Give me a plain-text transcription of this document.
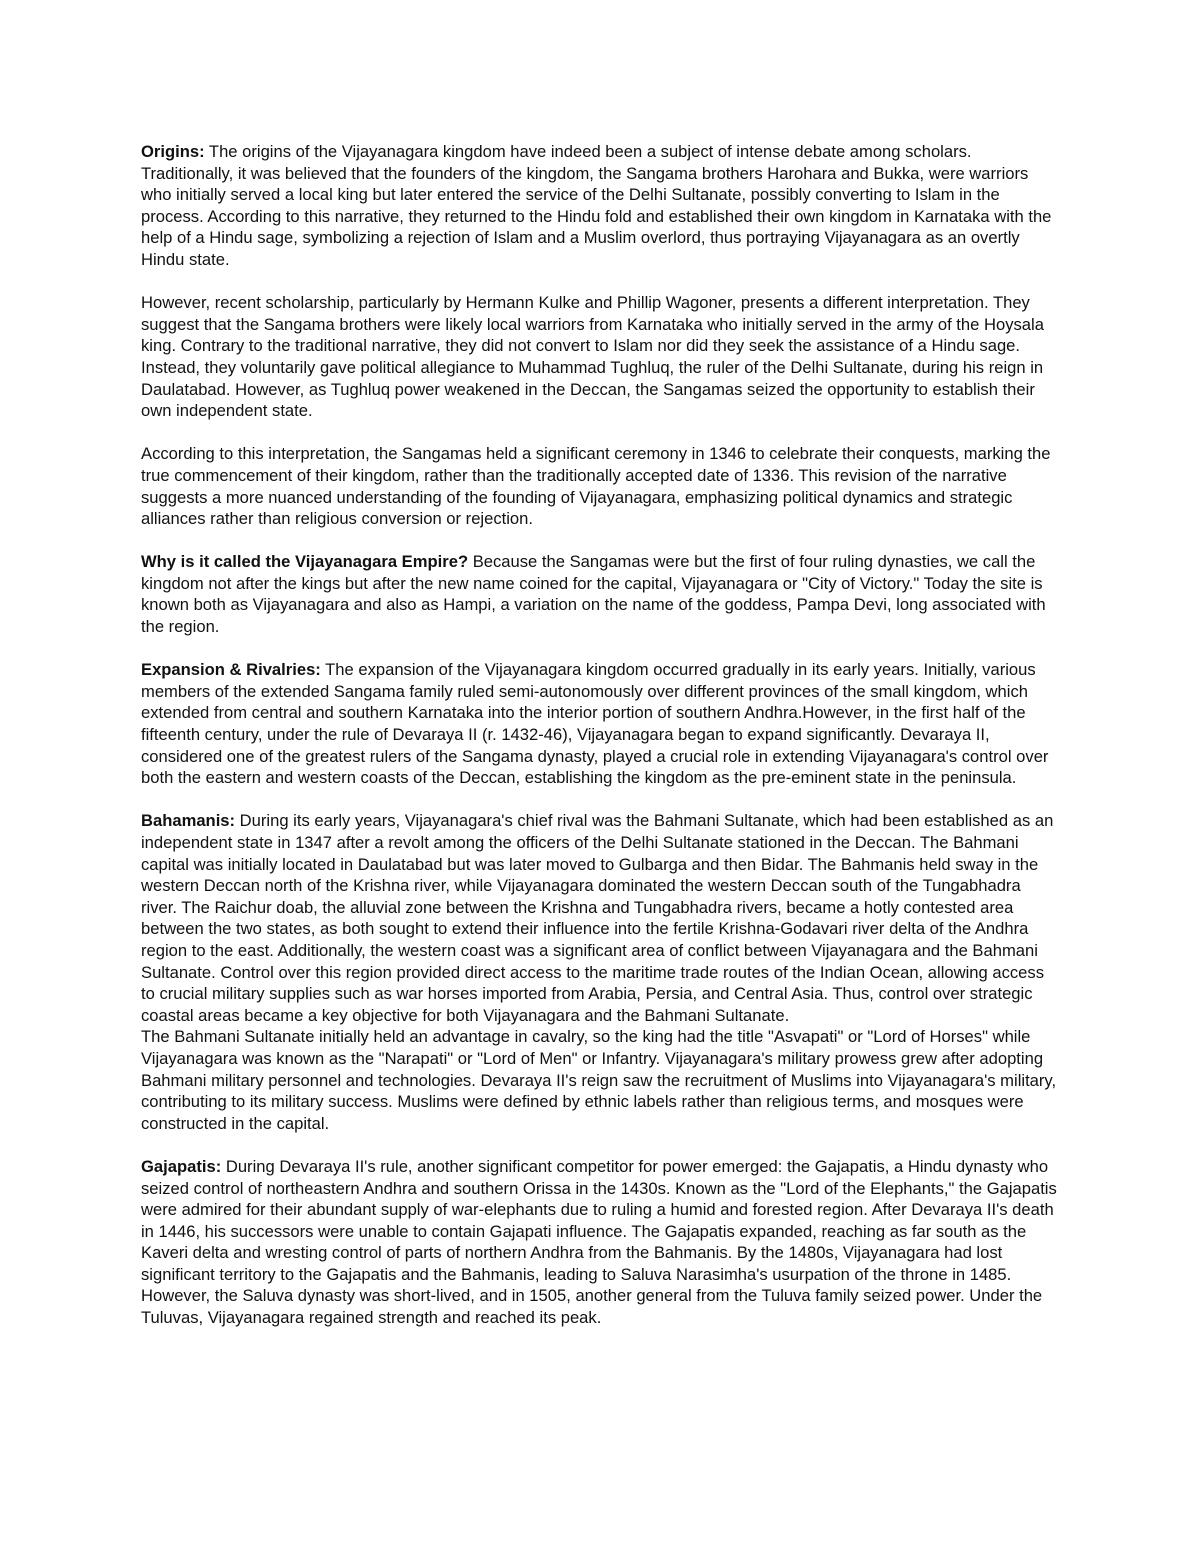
Origins: The origins of the Vijayanagara kingdom have indeed been a subject of intense debate among scholars. Traditionally, it was believed that the founders of the kingdom, the Sangama brothers Harohara and Bukka, were warriors who initially served a local king but later entered the service of the Delhi Sultanate, possibly converting to Islam in the process. According to this narrative, they returned to the Hindu fold and established their own kingdom in Karnataka with the help of a Hindu sage, symbolizing a rejection of Islam and a Muslim overlord, thus portraying Vijayanagara as an overtly Hindu state.

However, recent scholarship, particularly by Hermann Kulke and Phillip Wagoner, presents a different interpretation. They suggest that the Sangama brothers were likely local warriors from Karnataka who initially served in the army of the Hoysala king. Contrary to the traditional narrative, they did not convert to Islam nor did they seek the assistance of a Hindu sage. Instead, they voluntarily gave political allegiance to Muhammad Tughluq, the ruler of the Delhi Sultanate, during his reign in Daulatabad. However, as Tughluq power weakened in the Deccan, the Sangamas seized the opportunity to establish their own independent state.

According to this interpretation, the Sangamas held a significant ceremony in 1346 to celebrate their conquests, marking the true commencement of their kingdom, rather than the traditionally accepted date of 1336. This revision of the narrative suggests a more nuanced understanding of the founding of Vijayanagara, emphasizing political dynamics and strategic alliances rather than religious conversion or rejection.

Why is it called the Vijayanagara Empire? Because the Sangamas were but the first of four ruling dynasties, we call the kingdom not after the kings but after the new name coined for the capital, Vijayanagara or "City of Victory." Today the site is known both as Vijayanagara and also as Hampi, a variation on the name of the goddess, Pampa Devi, long associated with the region.

Expansion & Rivalries: The expansion of the Vijayanagara kingdom occurred gradually in its early years. Initially, various members of the extended Sangama family ruled semi-autonomously over different provinces of the small kingdom, which extended from central and southern Karnataka into the interior portion of southern Andhra.However, in the first half of the fifteenth century, under the rule of Devaraya II (r. 1432-46), Vijayanagara began to expand significantly. Devaraya II, considered one of the greatest rulers of the Sangama dynasty, played a crucial role in extending Vijayanagara's control over both the eastern and western coasts of the Deccan, establishing the kingdom as the pre-eminent state in the peninsula.

Bahamanis: During its early years, Vijayanagara's chief rival was the Bahmani Sultanate, which had been established as an independent state in 1347 after a revolt among the officers of the Delhi Sultanate stationed in the Deccan. The Bahmani capital was initially located in Daulatabad but was later moved to Gulbarga and then Bidar. The Bahmanis held sway in the western Deccan north of the Krishna river, while Vijayanagara dominated the western Deccan south of the Tungabhadra river. The Raichur doab, the alluvial zone between the Krishna and Tungabhadra rivers, became a hotly contested area between the two states, as both sought to extend their influence into the fertile Krishna-Godavari river delta of the Andhra region to the east. Additionally, the western coast was a significant area of conflict between Vijayanagara and the Bahmani Sultanate. Control over this region provided direct access to the maritime trade routes of the Indian Ocean, allowing access to crucial military supplies such as war horses imported from Arabia, Persia, and Central Asia. Thus, control over strategic coastal areas became a key objective for both Vijayanagara and the Bahmani Sultanate.

The Bahmani Sultanate initially held an advantage in cavalry, so the king had the title "Asvapati" or "Lord of Horses" while Vijayanagara was known as the "Narapati" or "Lord of Men" or Infantry. Vijayanagara's military prowess grew after adopting Bahmani military personnel and technologies. Devaraya II's reign saw the recruitment of Muslims into Vijayanagara's military, contributing to its military success. Muslims were defined by ethnic labels rather than religious terms, and mosques were constructed in the capital.

Gajapatis: During Devaraya II's rule, another significant competitor for power emerged: the Gajapatis, a Hindu dynasty who seized control of northeastern Andhra and southern Orissa in the 1430s. Known as the "Lord of the Elephants," the Gajapatis were admired for their abundant supply of war-elephants due to ruling a humid and forested region. After Devaraya II's death in 1446, his successors were unable to contain Gajapati influence. The Gajapatis expanded, reaching as far south as the Kaveri delta and wresting control of parts of northern Andhra from the Bahmanis. By the 1480s, Vijayanagara had lost significant territory to the Gajapatis and the Bahmanis, leading to Saluva Narasimha's usurpation of the throne in 1485. However, the Saluva dynasty was short-lived, and in 1505, another general from the Tuluva family seized power. Under the Tuluvas, Vijayanagara regained strength and reached its peak.
